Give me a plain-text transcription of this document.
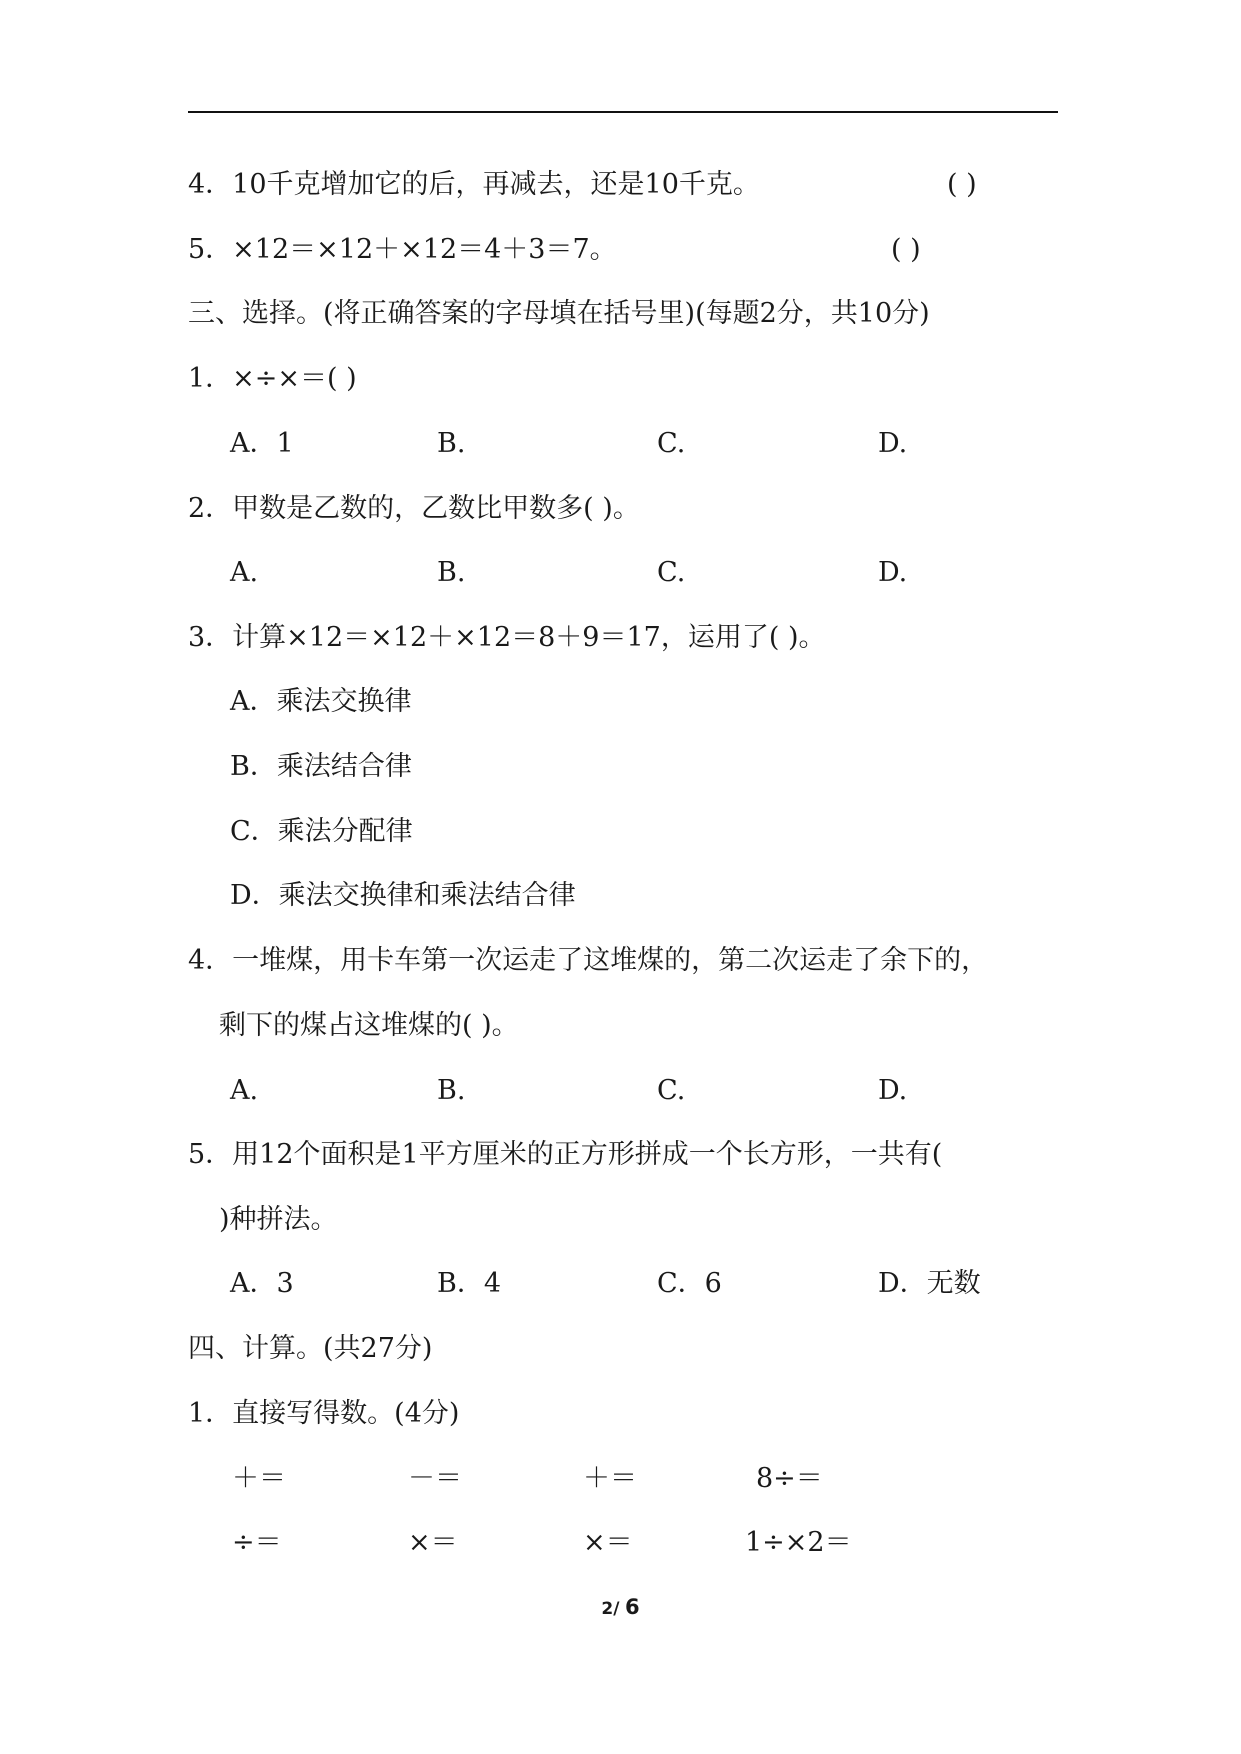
4．10千克增加它的后，再减去，还是10千克。	( )
5．×12＝×12＋×12＝4＋3＝7。	( )
三、选择。(将正确答案的字母填在括号里)(每题2分，共10分)
1．×÷×＝( )
A．1	B.	C.	D.
2．甲数是乙数的，乙数比甲数多( )。
A.	B.	C.	D.
3．计算×12＝×12＋×12＝8＋9＝17，运用了( )。
A．乘法交换律
B．乘法结合律
C．乘法分配律
D．乘法交换律和乘法结合律
4．一堆煤，用卡车第一次运走了这堆煤的，第二次运走了余下的，
剩下的煤占这堆煤的( )。
A.	B.	C.	D.
5．用12个面积是1平方厘米的正方形拼成一个长方形，一共有(
)种拼法。
A．3	B．4	C．6	D．无数
四、计算。(共27分)
1．直接写得数。(4分)
＋＝	－＝	＋＝	8÷＝
÷＝	×＝	×＝	1÷×2＝
2/ 6
